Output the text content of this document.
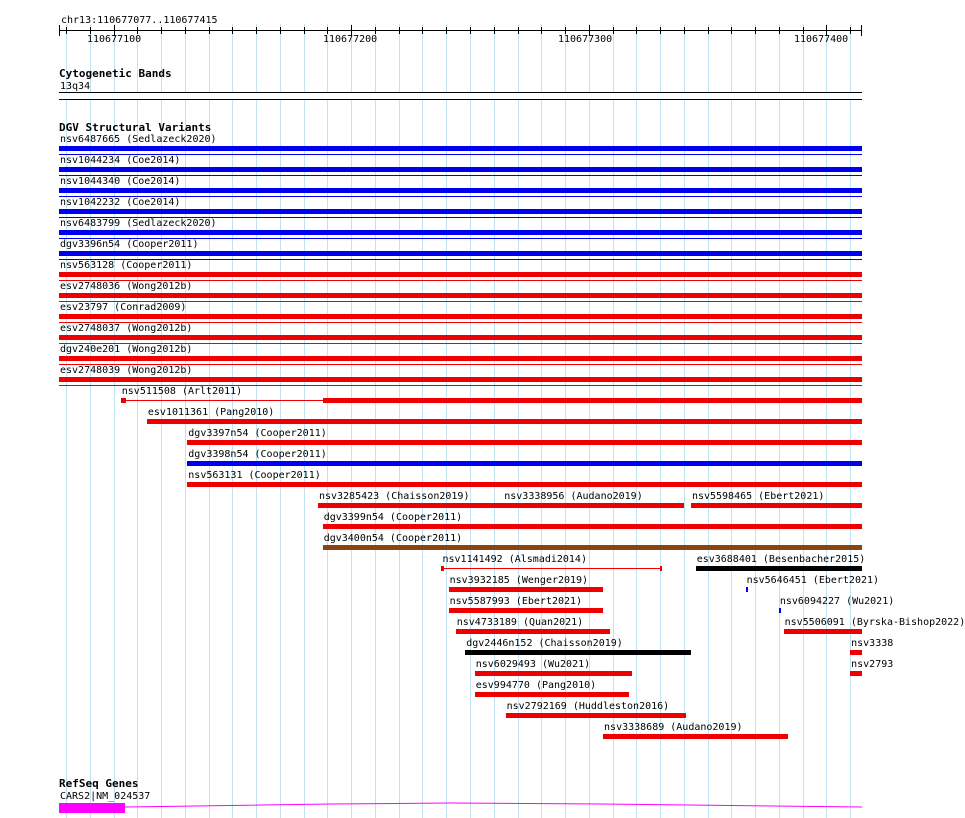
chr13:110677077..110677415
110677100	110677200	110677300	110677400
Cytogenetic Bands
13q34
DGV Structural Variants
nsv6487665 (Sedlazeck2020)
nsv1044234 (Coe2014)
nsv1044340 (Coe2014)
nsv1042232 (Coe2014)
nsv6483799 (Sedlazeck2020)
dgv3396n54 (Cooper2011)
nsv563128 (Cooper2011)
esv2748036 (Wong2012b)
esv23797 (Conrad2009)
esv2748037 (Wong2012b)
dgv240e201 (Wong2012b)
esv2748039 (Wong2012b)
nsv511508 (Arlt2011)
esv1011361 (Pang2010)
dgv3397n54 (Cooper2011)
dgv3398n54 (Cooper2011)
nsv563131 (Cooper2011)
nsv3285423 (Chaisson2019)	nsv3338956 (Audano2019)	nsv5598465 (Ebert2021)
dgv3399n54 (Cooper2011)
dgv3400n54 (Cooper2011)
nsv1141492 (Alsmadi2014)	esv3688401 (Besenbacher2015)
nsv3932185 (Wenger2019)	nsv5646451 (Ebert2021)
nsv5587993 (Ebert2021)	nsv6094227 (Wu2021)
nsv4733189 (Quan2021)	nsv5506091 (Byrska-Bishop2022)
dgv2446n152 (Chaisson2019)	nsv3338
nsv6029493 (Wu2021)	nsv2793
esv994770 (Pang2010)
nsv2792169 (Huddleston2016)
nsv3338689 (Audano2019)
RefSeq Genes
CARS2|NM_024537
